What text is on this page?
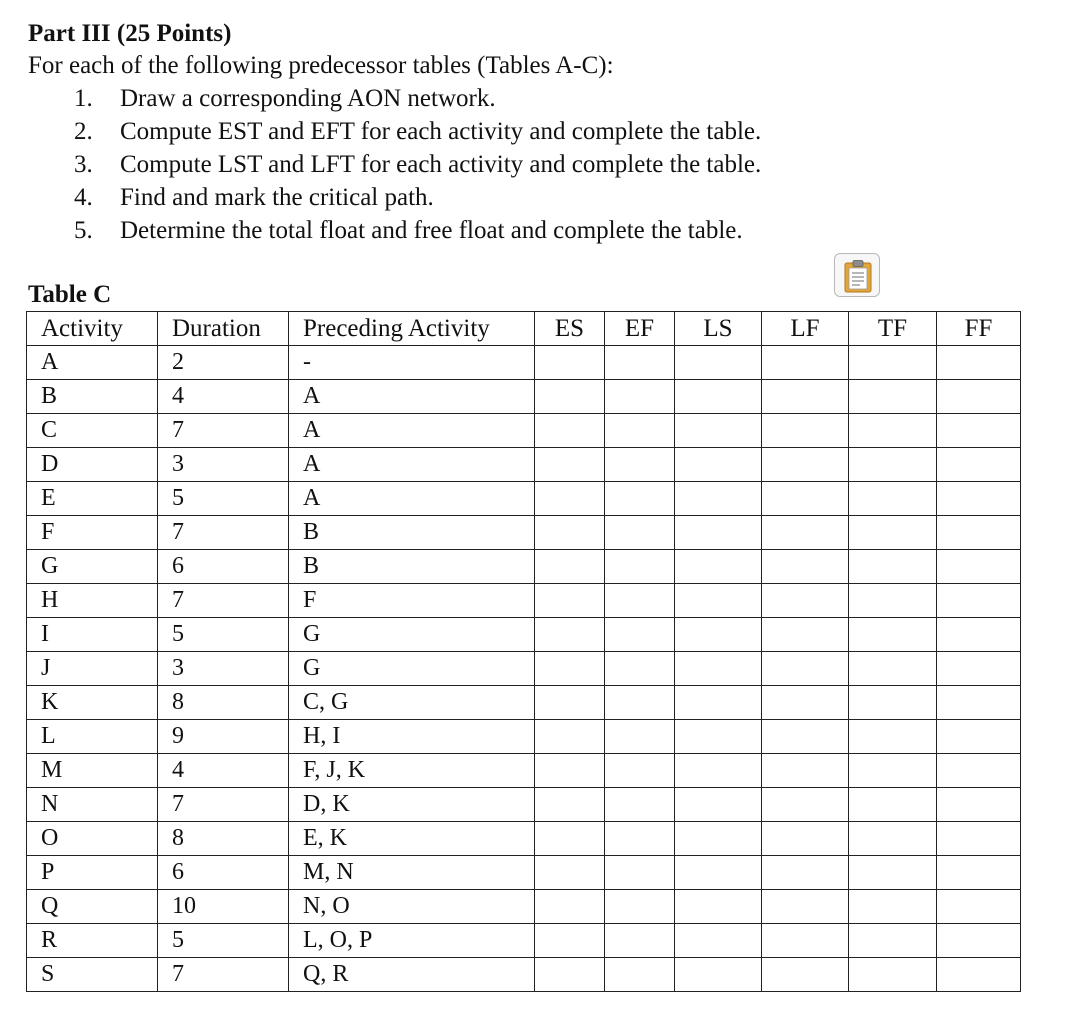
Part III (25 Points)
For each of the following predecessor tables (Tables A-C):
1. Draw a corresponding AON network.
2. Compute EST and EFT for each activity and complete the table.
3. Compute LST and LFT for each activity and complete the table.
4. Find and mark the critical path.
5. Determine the total float and free float and complete the table.
Table C
Activity	Duration	Preceding Activity	ES	EF	LS	LF	TF	FF
A	2	-						
B	4	A						
C	7	A						
D	3	A						
E	5	A						
F	7	B						
G	6	B						
H	7	F						
I	5	G						
J	3	G						
K	8	C, G						
L	9	H, I						
M	4	F, J, K						
N	7	D, K						
O	8	E, K						
P	6	M, N						
Q	10	N, O						
R	5	L, O, P						
S	7	Q, R						
